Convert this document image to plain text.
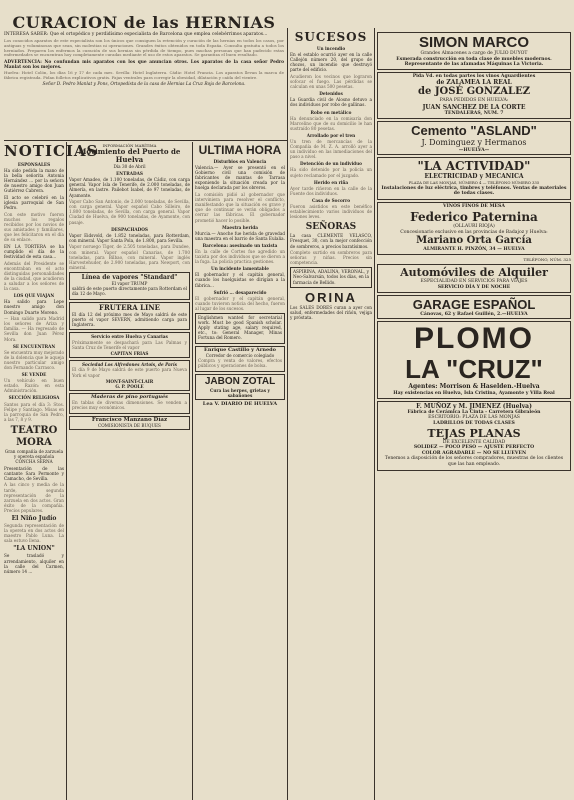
CURACION de las HERNIAS

INTERESA SABER: Que el ortopédico y perdidísimo especialista de Barcelona que emplea celebérrimos aparatos...

Los conocidos aparatos de este especialista son los únicos que consiguen la retención y curación de las hernias en todos los casos, por antiguas y voluminosas que sean, sin molestias ni operaciones. Grandes éxitos obtenidos en toda España. Consulta gratuita a todos los herniados. Preparen los enfermos la curación de sus hernias sin pérdida de tiempo, pues muchas personas que han padecido estas enfermedades se encuentran hoy completamente curadas mediante el uso de estos aparatos. Se garantiza el buen resultado.

ADVERTENCIA: No confundan mis aparatos con los que anuncian otros. Los aparatos de la casa señor Pedro Manlat son los mejores.

Huelva: Hotel Colón, los días 16 y 17 de cada mes. Sevilla: Hotel Inglaterra. Cádiz: Hotel Francia. Los aparatos llevan la marca de fábrica registrada. Pidan folletos explicativos gratis. Fajas ventrales para corregir la obesidad, dilatación y caída del vientre.

Señor D. Pedro Manlat y Pons, Ortopedista de la casa de Hernias La Cruz Roja de Barcelona.

NOTICIAS
ESPONSALES

Ha sido pedida la mano de la bella señorita Antonia Hernández ... por la señora de nuestro amigo don Juan Gutiérrez Cabrera.

El acto se celebró en la iglesia parroquial de San Pedro.

Con este motivo fueron muchos los regalos recibidos por los novios de sus amistades y familiares, que les felicitaron en el día de su enlace.

EN LA TORTERA se ha cumplido el día de la festividad de esta casa...

Además del Presidente se encontraban en el acto distinguidas personalidades de la ciudad, que acudieron a saludar a los señores de la casa.

LOS QUE VIAJAN

Ha salido para Lepe nuestro amigo don Domingo Duarte Moreno.

— Han salido para Madrid los señores de Ariza y familia. — Ha regresado de Sevilla don Juan Pérez Mora.

SE ENCUENTRAN

Se encuentra muy mejorado de la dolencia que le aqueja nuestro particular amigo don Fernando Carrasco.

SE VENDE

Un vehículo en buen estado. Razón: en esta Administración.

SECCIÓN RELIGIOSA

Santos para el día 3: Stos. Felipe y Santiago. Misas en la parroquia de San Pedro, a las 7, 8 y 9.

TEATRO MORA

Gran compañía de zarzuela y opereta española CONCHA SERNA

Presentación de las cantante Sara Permonte y Camacho, de Sevilla.

A las cinco y media de la tarde, segunda representación de la zarzuela en dos actos. Gran éxito de la compañía. Precios populares.

El Niño Judío

Segunda representación de la opereta en dos actos del maestro Pablo Luna. La sala estuvo llena.

"LA UNION"

Se trasladó y arrendamiento, alquiler en la calle del Carmen, número 14 ...

INFORMACIÓN MARÍTIMA
Movimiento del Puerto de Huelva
Día 30 de Abril
ENTRADAS

Vapor Amadeo, de 1.100 toneladas, de Cádiz, con carga general. Vapor Isla de Tenerife, de 2.000 toneladas, de Almería, en lastre. Pailebot Isabel, de 97 toneladas, de Ayamonte.

Vapor Cabo San Antonio, de 2.000 toneladas, de Sevilla, con carga general. Vapor español Cabo Silleiro, de 1.800 toneladas, de Sevilla, con carga general. Vapor Ciudad de Huelva, de 900 toneladas, de Ayamonte, con pasaje.

DESPACHADOS

Vapor Eidsvold, de 1.852 toneladas, para Rotterdam, con mineral. Vapor Santa Pola, de 1.800, para Sevilla.

Vapor noruego Tiger, de 2.505 toneladas, para Dundee, con mineral. Vapor español Canarias, de 1.700 toneladas, para Bilbao, con mineral. Vapor inglés Harvestehuder, de 2.900 toneladas, para Newport, con mineral.

Línea de vapores "Standard"
El vapor TRUMP

saldrá de este puerto directamente para Rotterdam el día 12 de Mayo.

FRUTERA LINE

El día 12 del próximo mes de Mayo saldrá de este puerto el vapor SEVERN, admitiendo carga para Inglaterra.

Servicio entre Huelva y Canarias

Próximamente se despachará para Las Palmas y Santa Cruz de Tenerife el vapor

CAPITAN FRIAS
Sociedad Los Alfredones Artois, de París

El día 9 de Mayo saldrá de este puerto para Nueva York el vapor

MONT-SAINT-CLAIR
G. P. POOLE
Maderas de pino portugués

En tablas de diversas dimensiones. Se venden a precios muy económicos.

Francisco Manzano Díaz
COMISIONISTA DE BUQUES
ULTIMA HORA
Disturbios en Valencia

Valencia.— Ayer se presentó en el Gobierno civil una comisión de fabricantes de mantas de Tarrasa exponiendo la situación creada por la huelga declarada por los obreros.

La comisión pidió al gobernador que interviniera para resolver el conflicto, manifestando que la situación es grave y que de continuar se verán obligados a cerrar las fábricas. El gobernador prometió hacer lo posible.

Maestra herida

Murcia.— Anoche fue herida de gravedad una maestra en el barrio de Santa Eulalia.

Barcelona: asesinado un taxista

En la calle de Cortes fue agredido un taxista por dos individuos que se dieron a la fuga. La policía practica gestiones.

Un incidente lamentable

El gobernador y el capitán general, cuando los huelguistas se dirigían a la fábrica...

Sufrió ... desaparecido

El gobernador y el capitán general, cuando tuvieron noticia del hecho, fueron al lugar de los sucesos.

Englishmen wanted for secretarial work. Must be good Spanish scholar. Apply stating age, salary required, etc., to: General Manager, Minas Fortuna del Romero.

Enrique Castillo y Arnedo
Corredor de comercio colegiado

Compra y venta de valores, efectos públicos y operaciones de bolsa.

JABON ZOTAL
Cura las herpes, grietas y sabañones
Lea V. DIARIO DE HUELVA
SUCESOS
Un incendio

En el establo ocurrió ayer en la calle Callejón número 20, del grupo de chozos, un incendio que destruyó parte del edificio.

Acudieron los vecinos que lograron sofocar el fuego. Las pérdidas se calculan en unas 500 pesetas.

Detenidos

La Guardia civil de Alosno detuvo a dos individuos por robo de gallinas.

Robo en metálico

Ha denunciado en la comisaría don Marcelino que de su domicilio le han sustraído 80 pesetas.

Arrollado por el tren

Un tren de mercancías de la Compañía de M. Z. A. arrolló ayer a un individuo en las inmediaciones del paso a nivel.

Detención de un individuo

Ha sido detenido por la policía un sujeto reclamado por el juzgado.

Herido en riña

Ayer tarde riñeron en la calle de la Fuente dos individuos.

Casa de Socorro

Fueron asistidos en este benéfico establecimiento varios individuos de lesiones leves.

SEÑORAS

La casa CLEMENTE VELASCO, Fresquet, 30, con la mejor confección de sombreros, a precios baratísimos.

Completo surtido en sombreros para señoras y niñas. Precios sin competencia.

ASPIRINA, ADALINA, VERONAL, y Neo-Salvarsán, todos los días, en la farmacia de Bellido.

ORINA

Los SALES DORES curan a ayer con salud, enfermedades del riñón, vejiga y próstata.

SIMON MARCO
Grandes Almacenes a cargo de JULIO DUYOT
Esmerada construcción en toda clase de muebles modernos. Representante de las afamadas Máquinas La Victoria.
Pida Vd. en todas partes los vinos Aguardientes
de ZALAMEA LA REAL
de JOSÉ GONZALEZ
PARA PEDIDOS EN HUELVA:
JUAN SANCHEZ DE LA CORTE
TENDALERAS, NUM. 7
Cemento "ASLAND"
J. Dominguez y Hermanos
—HUELVA—
"LA ACTIVIDAD"
ELECTRICIDAD y MECANICA
PLAZA DE LAS MONJAS, NÚMERO 4 — TELÉFONO NÚMERO 335

Instalaciones de luz eléctrica, timbres y teléfonos. Ventas de materiales de todas clases.

VINOS FINOS DE MESA
Federico Paternina
(OLLAURI RIOJA)
Concesionario exclusivo en las provincias de Badajoz y Huelva:
Mariano Orta García
ALMIRANTE H. PINZÓN, 34 — HUELVA
TELÉFONO, NÚM. 325
Automóviles de Alquiler
ESPECIALIDAD EN SERVICIOS PARA VIAJES
SERVICIO DÍA Y DE NOCHE
GARAGE ESPAÑOL
Cánovas, 62 y Rafael Guillén, 2.—HUELVA
PLOMO
LA "CRUZ"
Agentes: Morrison & Haselden.-Huelva
Hay existencias en Huelva, Isla Cristina, Ayamonte y Villa Real
F. MUÑOZ y M. JIMENEZ (Huelva)
Fábrica de Cerámica La Cinta - Carretera Gibraleón
ESCRITORIO: PLAZA DE LAS MONJAS
LADRILLOS DE TODAS CLASES
TEJAS PLANAS
DE EXCELENTE CALIDAD
SOLIDEZ — POCO PESO — AJUSTE PERFECTO
COLOR AGRADABLE — NO SE LLUEVEN

Tenemos a disposición de los señores compradores, muestras de los clientes que las han empleado.
